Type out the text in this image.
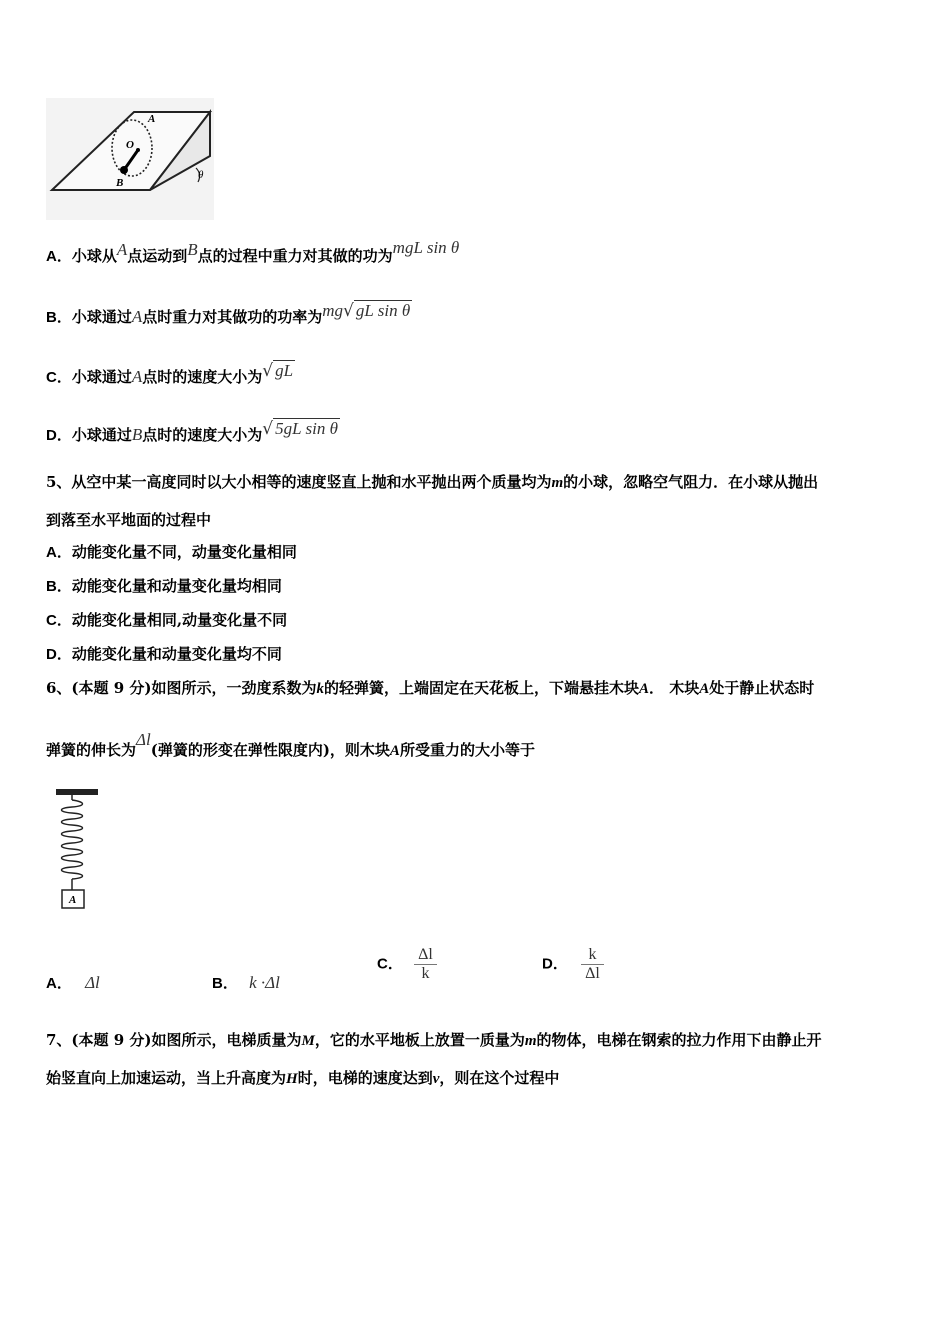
A
O
B
θ
A．小球从A点运动到B点的过程中重力对其做的功为mgL sin θ
B．小球通过A点时重力对其做功的功率为mg√ gL sin θ
C．小球通过A点时的速度大小为√ gL
D．小球通过B点时的速度大小为√ 5gL sin θ
5、从空中某一高度同时以大小相等的速度竖直上抛和水平抛出两个质量均为m的小球，忽略空气阻力．在小球从抛出
到落至水平地面的过程中
A．动能变化量不同，动量变化量相同
B．动能变化量和动量变化量均相同
C．动能变化量相同,动量变化量不同
D．动能变化量和动量变化量均不同
6、(本题 9 分)如图所示，一劲度系数为k的轻弹簧，上端固定在天花板上，下端悬挂木块A． 木块A处于静止状态时
弹簧的伸长为Δl(弹簧的形变在弹性限度内)，则木块A所受重力的大小等于
A
A． Δl	B． k ·Δl
C． $\frac{\Delta l}{k}$	D． $\frac{k}{\Delta l}$
7、(本题 9 分)如图所示，电梯质量为M，它的水平地板上放置一质量为m的物体，电梯在钢索的拉力作用下由静止开
始竖直向上加速运动，当上升高度为H时，电梯的速度达到v，则在这个过程中
